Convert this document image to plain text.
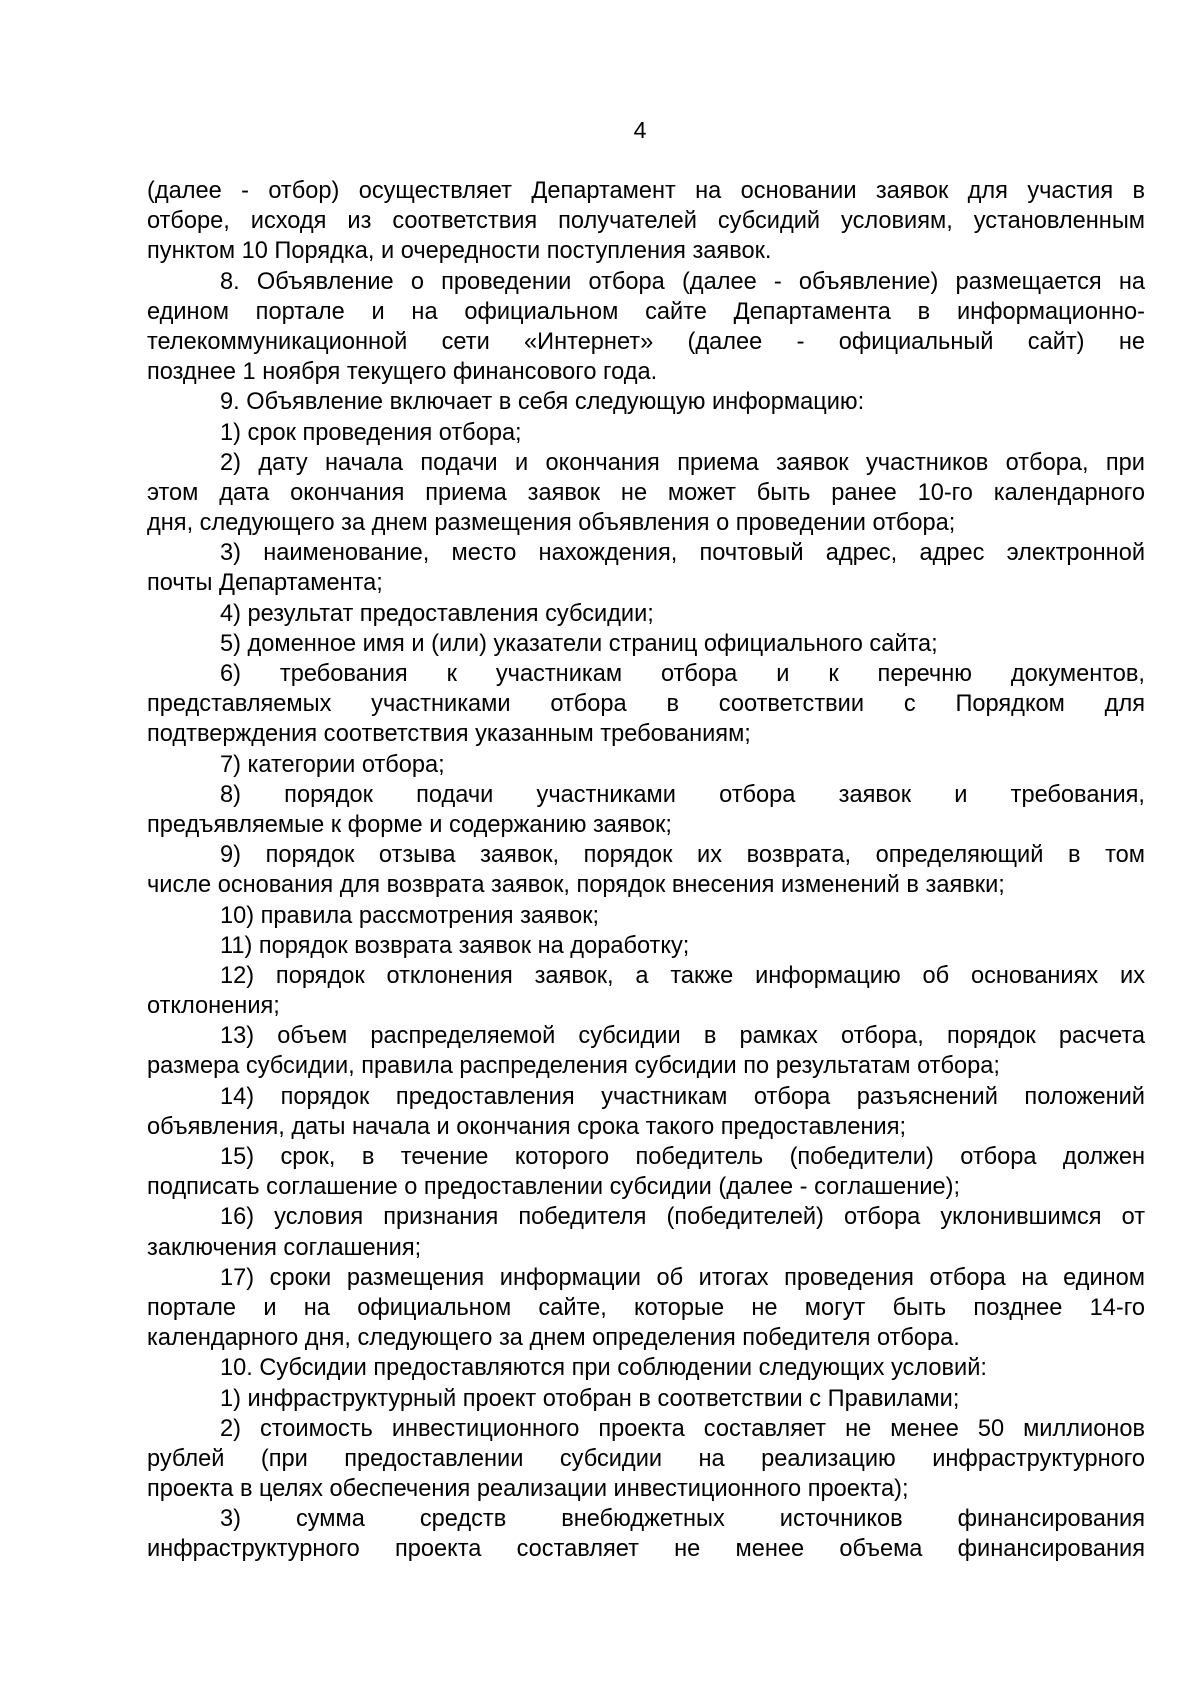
4
(далее - отбор) осуществляет Департамент на основании заявок для участия в
отборе, исходя из соответствия получателей субсидий условиям, установленным
пунктом 10 Порядка, и очередности поступления заявок.
8. Объявление о проведении отбора (далее - объявление) размещается на
едином портале и на официальном сайте Департамента в информационно-
телекоммуникационной сети «Интернет» (далее - официальный сайт) не
позднее 1 ноября текущего финансового года.
9. Объявление включает в себя следующую информацию:
1) срок проведения отбора;
2) дату начала подачи и окончания приема заявок участников отбора, при
этом дата окончания приема заявок не может быть ранее 10-го календарного
дня, следующего за днем размещения объявления о проведении отбора;
3) наименование, место нахождения, почтовый адрес, адрес электронной
почты Департамента;
4) результат предоставления субсидии;
5) доменное имя и (или) указатели страниц официального сайта;
6) требования к участникам отбора и к перечню документов,
представляемых участниками отбора в соответствии с Порядком для
подтверждения соответствия указанным требованиям;
7) категории отбора;
8) порядок подачи участниками отбора заявок и требования,
предъявляемые к форме и содержанию заявок;
9) порядок отзыва заявок, порядок их возврата, определяющий в том
числе основания для возврата заявок, порядок внесения изменений в заявки;
10) правила рассмотрения заявок;
11) порядок возврата заявок на доработку;
12) порядок отклонения заявок, а также информацию об основаниях их
отклонения;
13) объем распределяемой субсидии в рамках отбора, порядок расчета
размера субсидии, правила распределения субсидии по результатам отбора;
14) порядок предоставления участникам отбора разъяснений положений
объявления, даты начала и окончания срока такого предоставления;
15) срок, в течение которого победитель (победители) отбора должен
подписать соглашение о предоставлении субсидии (далее - соглашение);
16) условия признания победителя (победителей) отбора уклонившимся от
заключения соглашения;
17) сроки размещения информации об итогах проведения отбора на едином
портале и на официальном сайте, которые не могут быть позднее 14-го
календарного дня, следующего за днем определения победителя отбора.
10. Субсидии предоставляются при соблюдении следующих условий:
1) инфраструктурный проект отобран в соответствии с Правилами;
2) стоимость инвестиционного проекта составляет не менее 50 миллионов
рублей (при предоставлении субсидии на реализацию инфраструктурного
проекта в целях обеспечения реализации инвестиционного проекта);
3) сумма средств внебюджетных источников финансирования
инфраструктурного проекта составляет не менее объема финансирования
